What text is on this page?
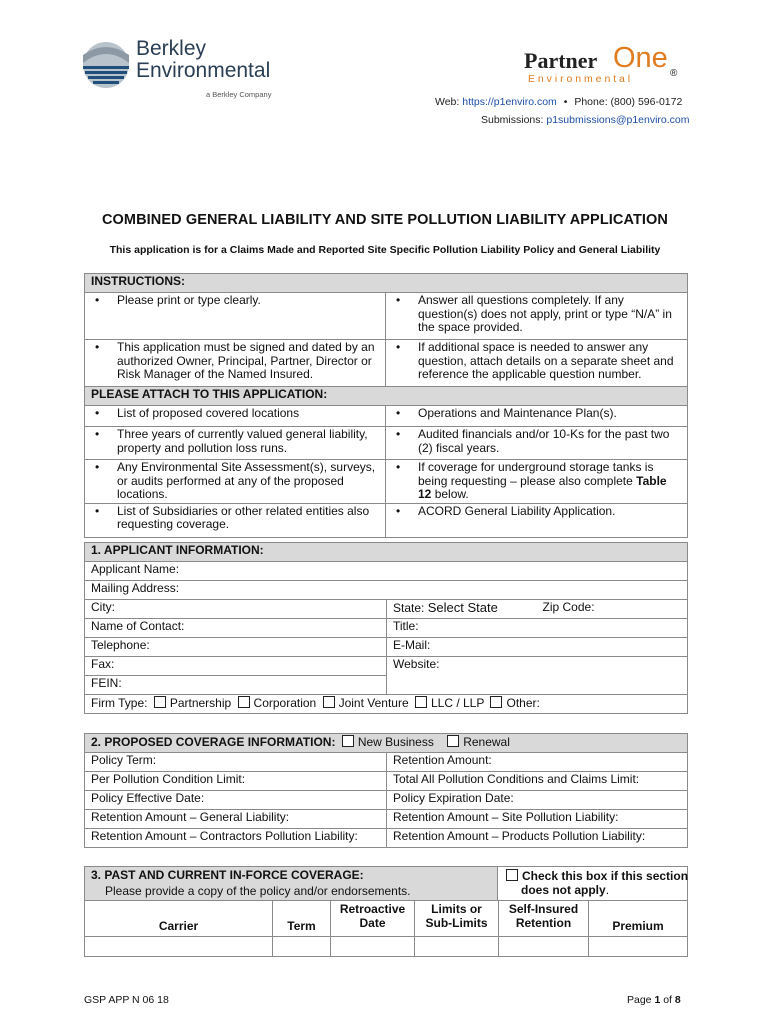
Berkley
Environmental
a Berkley Company
Partner One
E n v i r o n m e n t a l	®
Web: https://p1enviro.com • Phone: (800) 596-0172
Submissions: p1submissions@p1enviro.com
COMBINED GENERAL LIABILITY AND SITE POLLUTION LIABILITY APPLICATION
This application is for a Claims Made and Reported Site Specific Pollution Liability Policy and General Liability
INSTRUCTIONS:	

• Please print or type clearly.	• Answer all questions completely. If any question(s) does not apply, print or type “N/A” in the space provided.

• This application must be signed and dated by an authorized Owner, Principal, Partner, Director or Risk Manager of the Named Insured.	• If additional space is needed to answer any question, attach details on a separate sheet and reference the applicable question number.

PLEASE ATTACH TO THIS APPLICATION:	

• List of proposed covered locations	• Operations and Maintenance Plan(s).

• Three years of currently valued general liability, property and pollution loss runs.	• Audited financials and/or 10-Ks for the past two (2) fiscal years.

• Any Environmental Site Assessment(s), surveys, or audits performed at any of the proposed locations.	• If coverage for underground storage tanks is being requesting – please also complete Table 12 below.

• List of Subsidiaries or other related entities also requesting coverage.	• ACORD General Liability Application.
1. APPLICANT INFORMATION:		
Applicant Name:		
Mailing Address:		
City:	State: Select State	Zip Code:
Name of Contact:	Title:	
Telephone:	E-Mail:	
Fax:	Website:	
FEIN:		
Firm Type: Partnership Corporation Joint Venture LLC / LLP Other:		
2. PROPOSED COVERAGE INFORMATION: New Business Renewal	
Policy Term:	Retention Amount:
Per Pollution Condition Limit:	Total All Pollution Conditions and Claims Limit:
Policy Effective Date:	Policy Expiration Date:
Retention Amount – General Liability:	Retention Amount – Site Pollution Liability:
Retention Amount – Contractors Pollution Liability:	Retention Amount – Products Pollution Liability:
3. PAST AND CURRENT IN-FORCE COVERAGE:
Please provide a copy of the policy and/or endorsements.					

Carrier	Term	Retroactive Date	Limits or Sub-Limits	Self-Insured Retention	Premium

Check this box if this section
does not apply.
GSP APP N 06 18	Page 1 of 8
